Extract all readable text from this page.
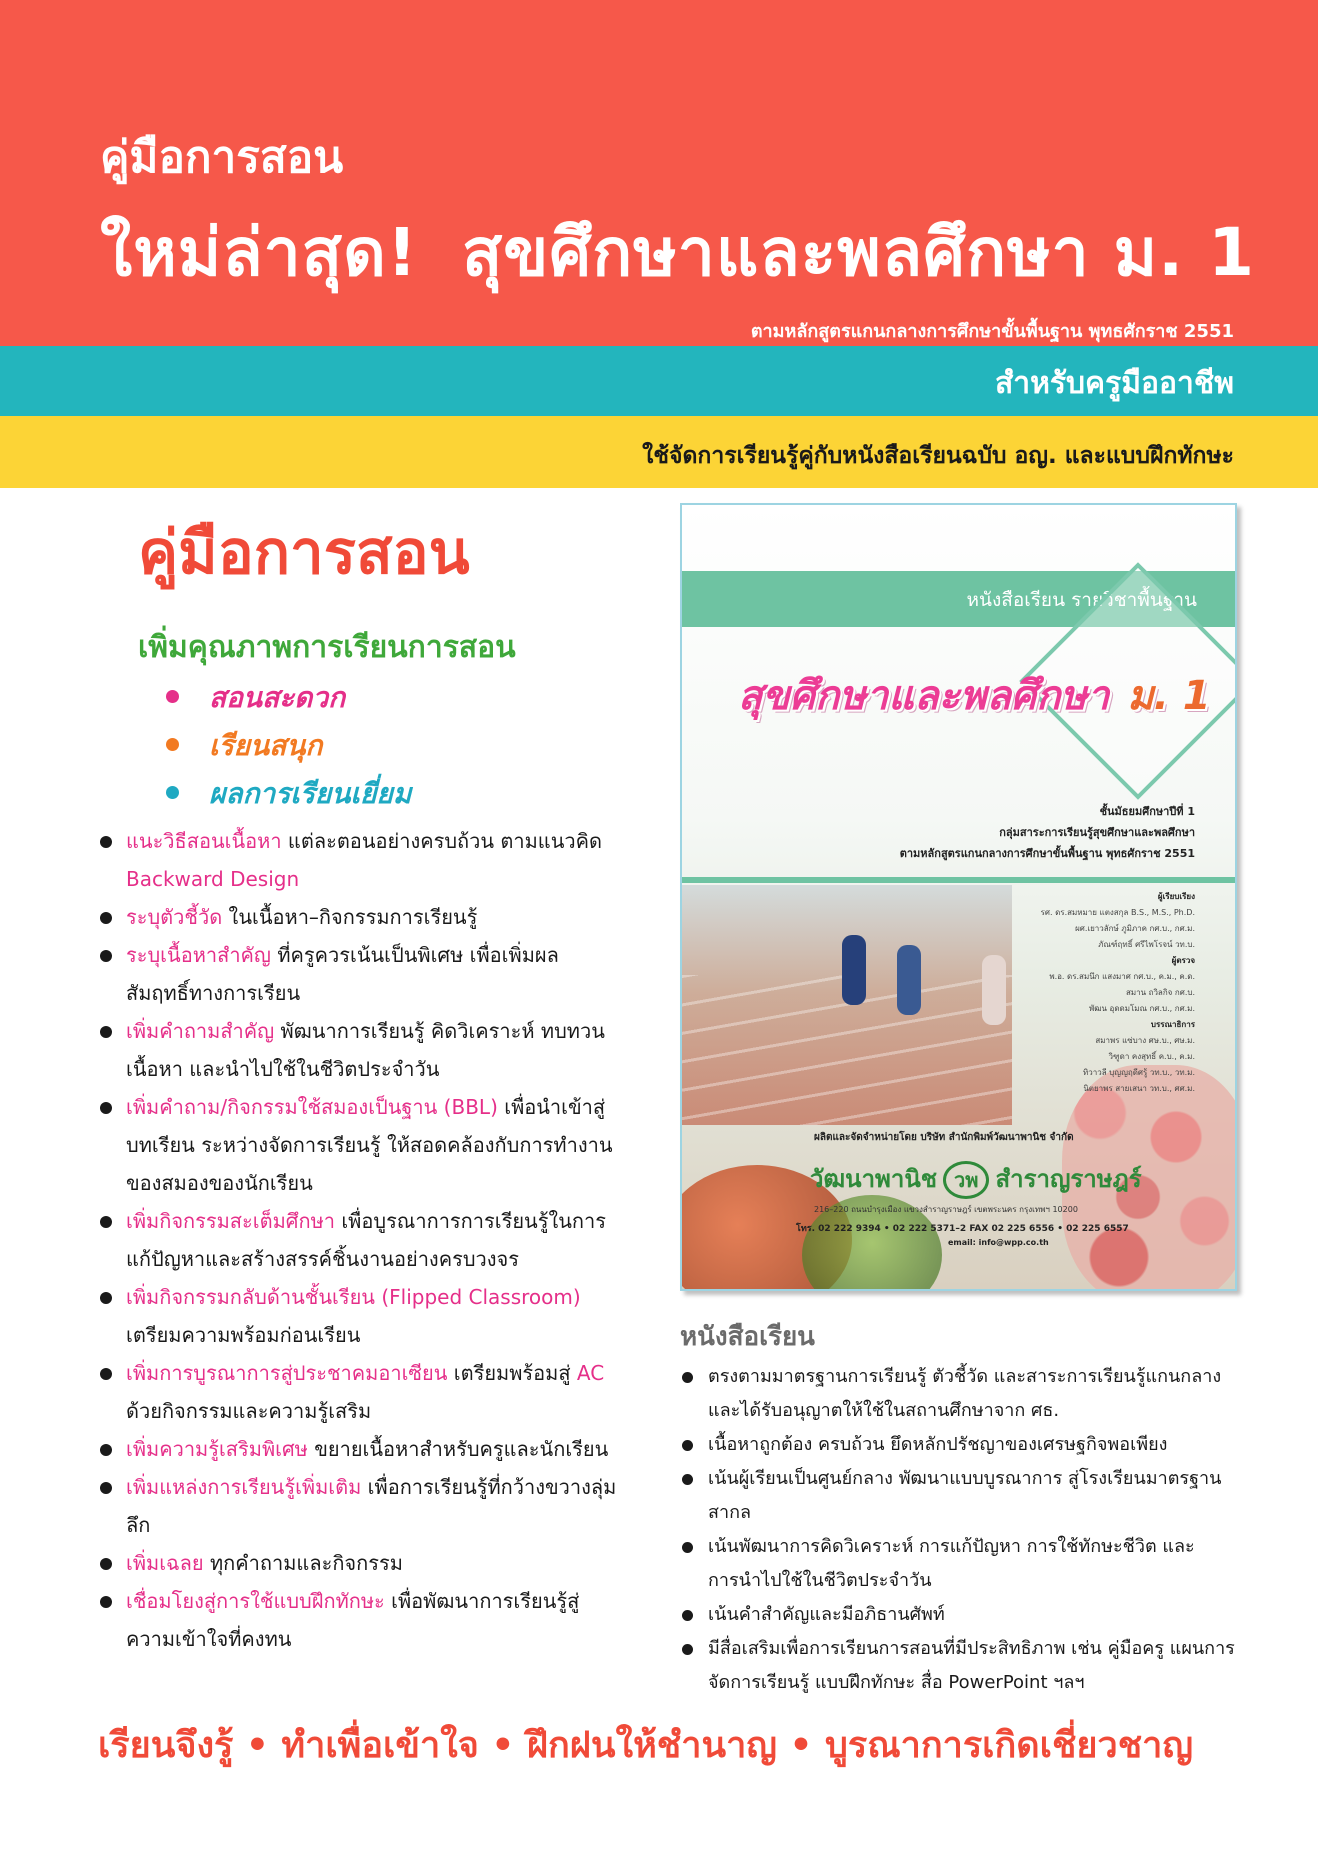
คู่มือการสอน
ใหม่ล่าสุด! สุขศึกษาและพลศึกษา ม. 1
ตามหลักสูตรแกนกลางการศึกษาขั้นพื้นฐาน พุทธศักราช 2551
สำหรับครูมืออาชีพ
ใช้จัดการเรียนรู้คู่กับหนังสือเรียนฉบับ อญ. และแบบฝึกทักษะ
คู่มือการสอน
เพิ่มคุณภาพการเรียนการสอน
สอนสะดวก
เรียนสนุก
ผลการเรียนเยี่ยม
แนะวิธีสอนเนื้อหา แต่ละตอนอย่างครบถ้วน ตามแนวคิด Backward Design
ระบุตัวชี้วัด ในเนื้อหา–กิจกรรมการเรียนรู้
ระบุเนื้อหาสำคัญ ที่ครูควรเน้นเป็นพิเศษ เพื่อเพิ่มผลสัมฤทธิ์ทางการเรียน
เพิ่มคำถามสำคัญ พัฒนาการเรียนรู้ คิดวิเคราะห์ ทบทวนเนื้อหา และนำไปใช้ในชีวิตประจำวัน
เพิ่มคำถาม/กิจกรรมใช้สมองเป็นฐาน (BBL) เพื่อนำเข้าสู่บทเรียน ระหว่างจัดการเรียนรู้ ให้สอดคล้องกับการทำงานของสมองของนักเรียน
เพิ่มกิจกรรมสะเต็มศึกษา เพื่อบูรณาการการเรียนรู้ในการแก้ปัญหาและสร้างสรรค์ชิ้นงานอย่างครบวงจร
เพิ่มกิจกรรมกลับด้านชั้นเรียน (Flipped Classroom) เตรียมความพร้อมก่อนเรียน
เพิ่มการบูรณาการสู่ประชาคมอาเซียน เตรียมพร้อมสู่ AC ด้วยกิจกรรมและความรู้เสริม
เพิ่มความรู้เสริมพิเศษ ขยายเนื้อหาสำหรับครูและนักเรียน
เพิ่มแหล่งการเรียนรู้เพิ่มเติม เพื่อการเรียนรู้ที่กว้างขวางลุ่มลึก
เพิ่มเฉลย ทุกคำถามและกิจกรรม
เชื่อมโยงสู่การใช้แบบฝึกทักษะ เพื่อพัฒนาการเรียนรู้สู่ความเข้าใจที่คงทน
หนังสือเรียน รายวิชาพื้นฐาน
สุขศึกษาและพลศึกษา ม. 1
ชั้นมัธยมศึกษาปีที่ 1
กลุ่มสาระการเรียนรู้สุขศึกษาและพลศึกษา
ตามหลักสูตรแกนกลางการศึกษาขั้นพื้นฐาน พุทธศักราช 2551
ผู้เรียบเรียง
รศ. ดร.สมหมาย แตงสกุล B.S., M.S., Ph.D.
ผศ.เยาวลักษ์ ภูมิภาค กศ.บ., กศ.ม.
ภัณฑ์ฤทธิ์ ศรีไพโรจน์ วท.บ.
ผู้ตรวจ
พ.อ. ดร.สมนึก แสงมาศ กศ.บ., ค.ม., ค.ด.
สมาน ถวิลกิจ กศ.บ.
พัฒน อุดดมโมณ กศ.บ., กศ.ม.
บรรณาธิการ
สมาพร แซ่บาง ศษ.บ., ศษ.ม.
วิฑูดา คงสุทธิ์ ค.บ., ค.ม.
ทิวาวลี บุญญฤดีศรู้ วท.บ., วท.ม.
นิตยาพร สายเสนา วท.บ., ศศ.ม.
ผลิตและจัดจำหน่ายโดย บริษัท สำนักพิมพ์วัฒนาพานิช จำกัด
วัฒนาพานิช วพ สำราญราษฎร์
216–220 ถนนบำรุงเมือง แขวงสำราญราษฎร์ เขตพระนคร กรุงเทพฯ 10200
โทร. 02 222 9394 • 02 222 5371–2 FAX 02 225 6556 • 02 225 6557
email: info@wpp.co.th
หนังสือเรียน
ตรงตามมาตรฐานการเรียนรู้ ตัวชี้วัด และสาระการเรียนรู้แกนกลาง และได้รับอนุญาตให้ใช้ในสถานศึกษาจาก ศธ.
เนื้อหาถูกต้อง ครบถ้วน ยึดหลักปรัชญาของเศรษฐกิจพอเพียง
เน้นผู้เรียนเป็นศูนย์กลาง พัฒนาแบบบูรณาการ สู่โรงเรียนมาตรฐานสากล
เน้นพัฒนาการคิดวิเคราะห์ การแก้ปัญหา การใช้ทักษะชีวิต และการนำไปใช้ในชีวิตประจำวัน
เน้นคำสำคัญและมีอภิธานศัพท์
มีสื่อเสริมเพื่อการเรียนการสอนที่มีประสิทธิภาพ เช่น คู่มือครู แผนการจัดการเรียนรู้ แบบฝึกทักษะ สื่อ PowerPoint ฯลฯ
เรียนจึงรู้ • ทำเพื่อเข้าใจ • ฝึกฝนให้ชำนาญ • บูรณาการเกิดเชี่ยวชาญ
